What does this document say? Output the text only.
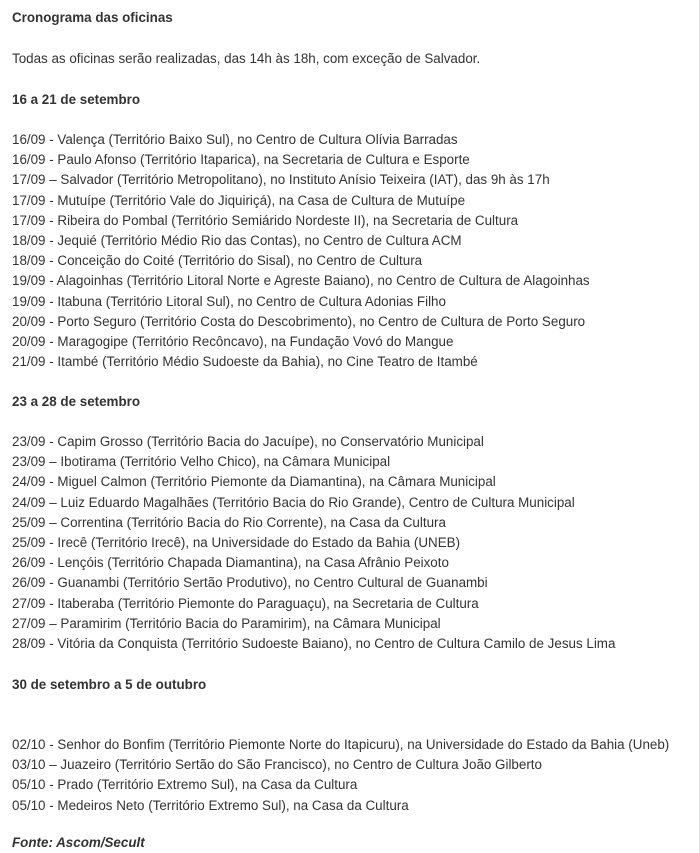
Cronograma das oficinas
Todas as oficinas serão realizadas, das 14h às 18h, com exceção de Salvador.
16 a 21 de setembro
16/09 - Valença (Território Baixo Sul), no Centro de Cultura Olívia Barradas
16/09 - Paulo Afonso (Território Itaparica), na Secretaria de Cultura e Esporte
17/09 – Salvador (Território Metropolitano), no Instituto Anísio Teixeira (IAT), das 9h às 17h
17/09 - Mutuípe (Território Vale do Jiquiriçá), na Casa de Cultura de Mutuípe
17/09 - Ribeira do Pombal (Território Semiárido Nordeste II), na Secretaria de Cultura
18/09 - Jequié (Território Médio Rio das Contas), no Centro de Cultura ACM
18/09 - Conceição do Coité (Território do Sisal), no Centro de Cultura
19/09 - Alagoinhas (Território Litoral Norte e Agreste Baiano), no Centro de Cultura de Alagoinhas
19/09 - Itabuna (Território Litoral Sul), no Centro de Cultura Adonias Filho
20/09 - Porto Seguro (Território Costa do Descobrimento), no Centro de Cultura de Porto Seguro
20/09 - Maragogipe (Território Recôncavo), na Fundação Vovó do Mangue
21/09 - Itambé (Território Médio Sudoeste da Bahia), no Cine Teatro de Itambé
23 a 28 de setembro
23/09 - Capim Grosso (Território Bacia do Jacuípe), no Conservatório Municipal
23/09 – Ibotirama (Território Velho Chico), na Câmara Municipal
24/09 - Miguel Calmon (Território Piemonte da Diamantina), na Câmara Municipal
24/09 – Luiz Eduardo Magalhães (Território Bacia do Rio Grande), Centro de Cultura Municipal
25/09 – Correntina (Território Bacia do Rio Corrente), na Casa da Cultura
25/09 - Irecê (Território Irecê), na Universidade do Estado da Bahia (UNEB)
26/09 - Lençóis (Território Chapada Diamantina), na Casa Afrânio Peixoto
26/09 - Guanambi (Território Sertão Produtivo), no Centro Cultural de Guanambi
27/09 - Itaberaba (Território Piemonte do Paraguaçu), na Secretaria de Cultura
27/09 – Paramirim (Território Bacia do Paramirim), na Câmara Municipal
28/09 - Vitória da Conquista (Território Sudoeste Baiano), no Centro de Cultura Camilo de Jesus Lima
30 de setembro a 5 de outubro
02/10 - Senhor do Bonfim (Território Piemonte Norte do Itapicuru), na Universidade do Estado da Bahia (Uneb)
03/10 – Juazeiro (Território Sertão do São Francisco), no Centro de Cultura João Gilberto
05/10 - Prado (Território Extremo Sul), na Casa da Cultura
05/10 - Medeiros Neto (Território Extremo Sul), na Casa da Cultura
Fonte: Ascom/Secult
